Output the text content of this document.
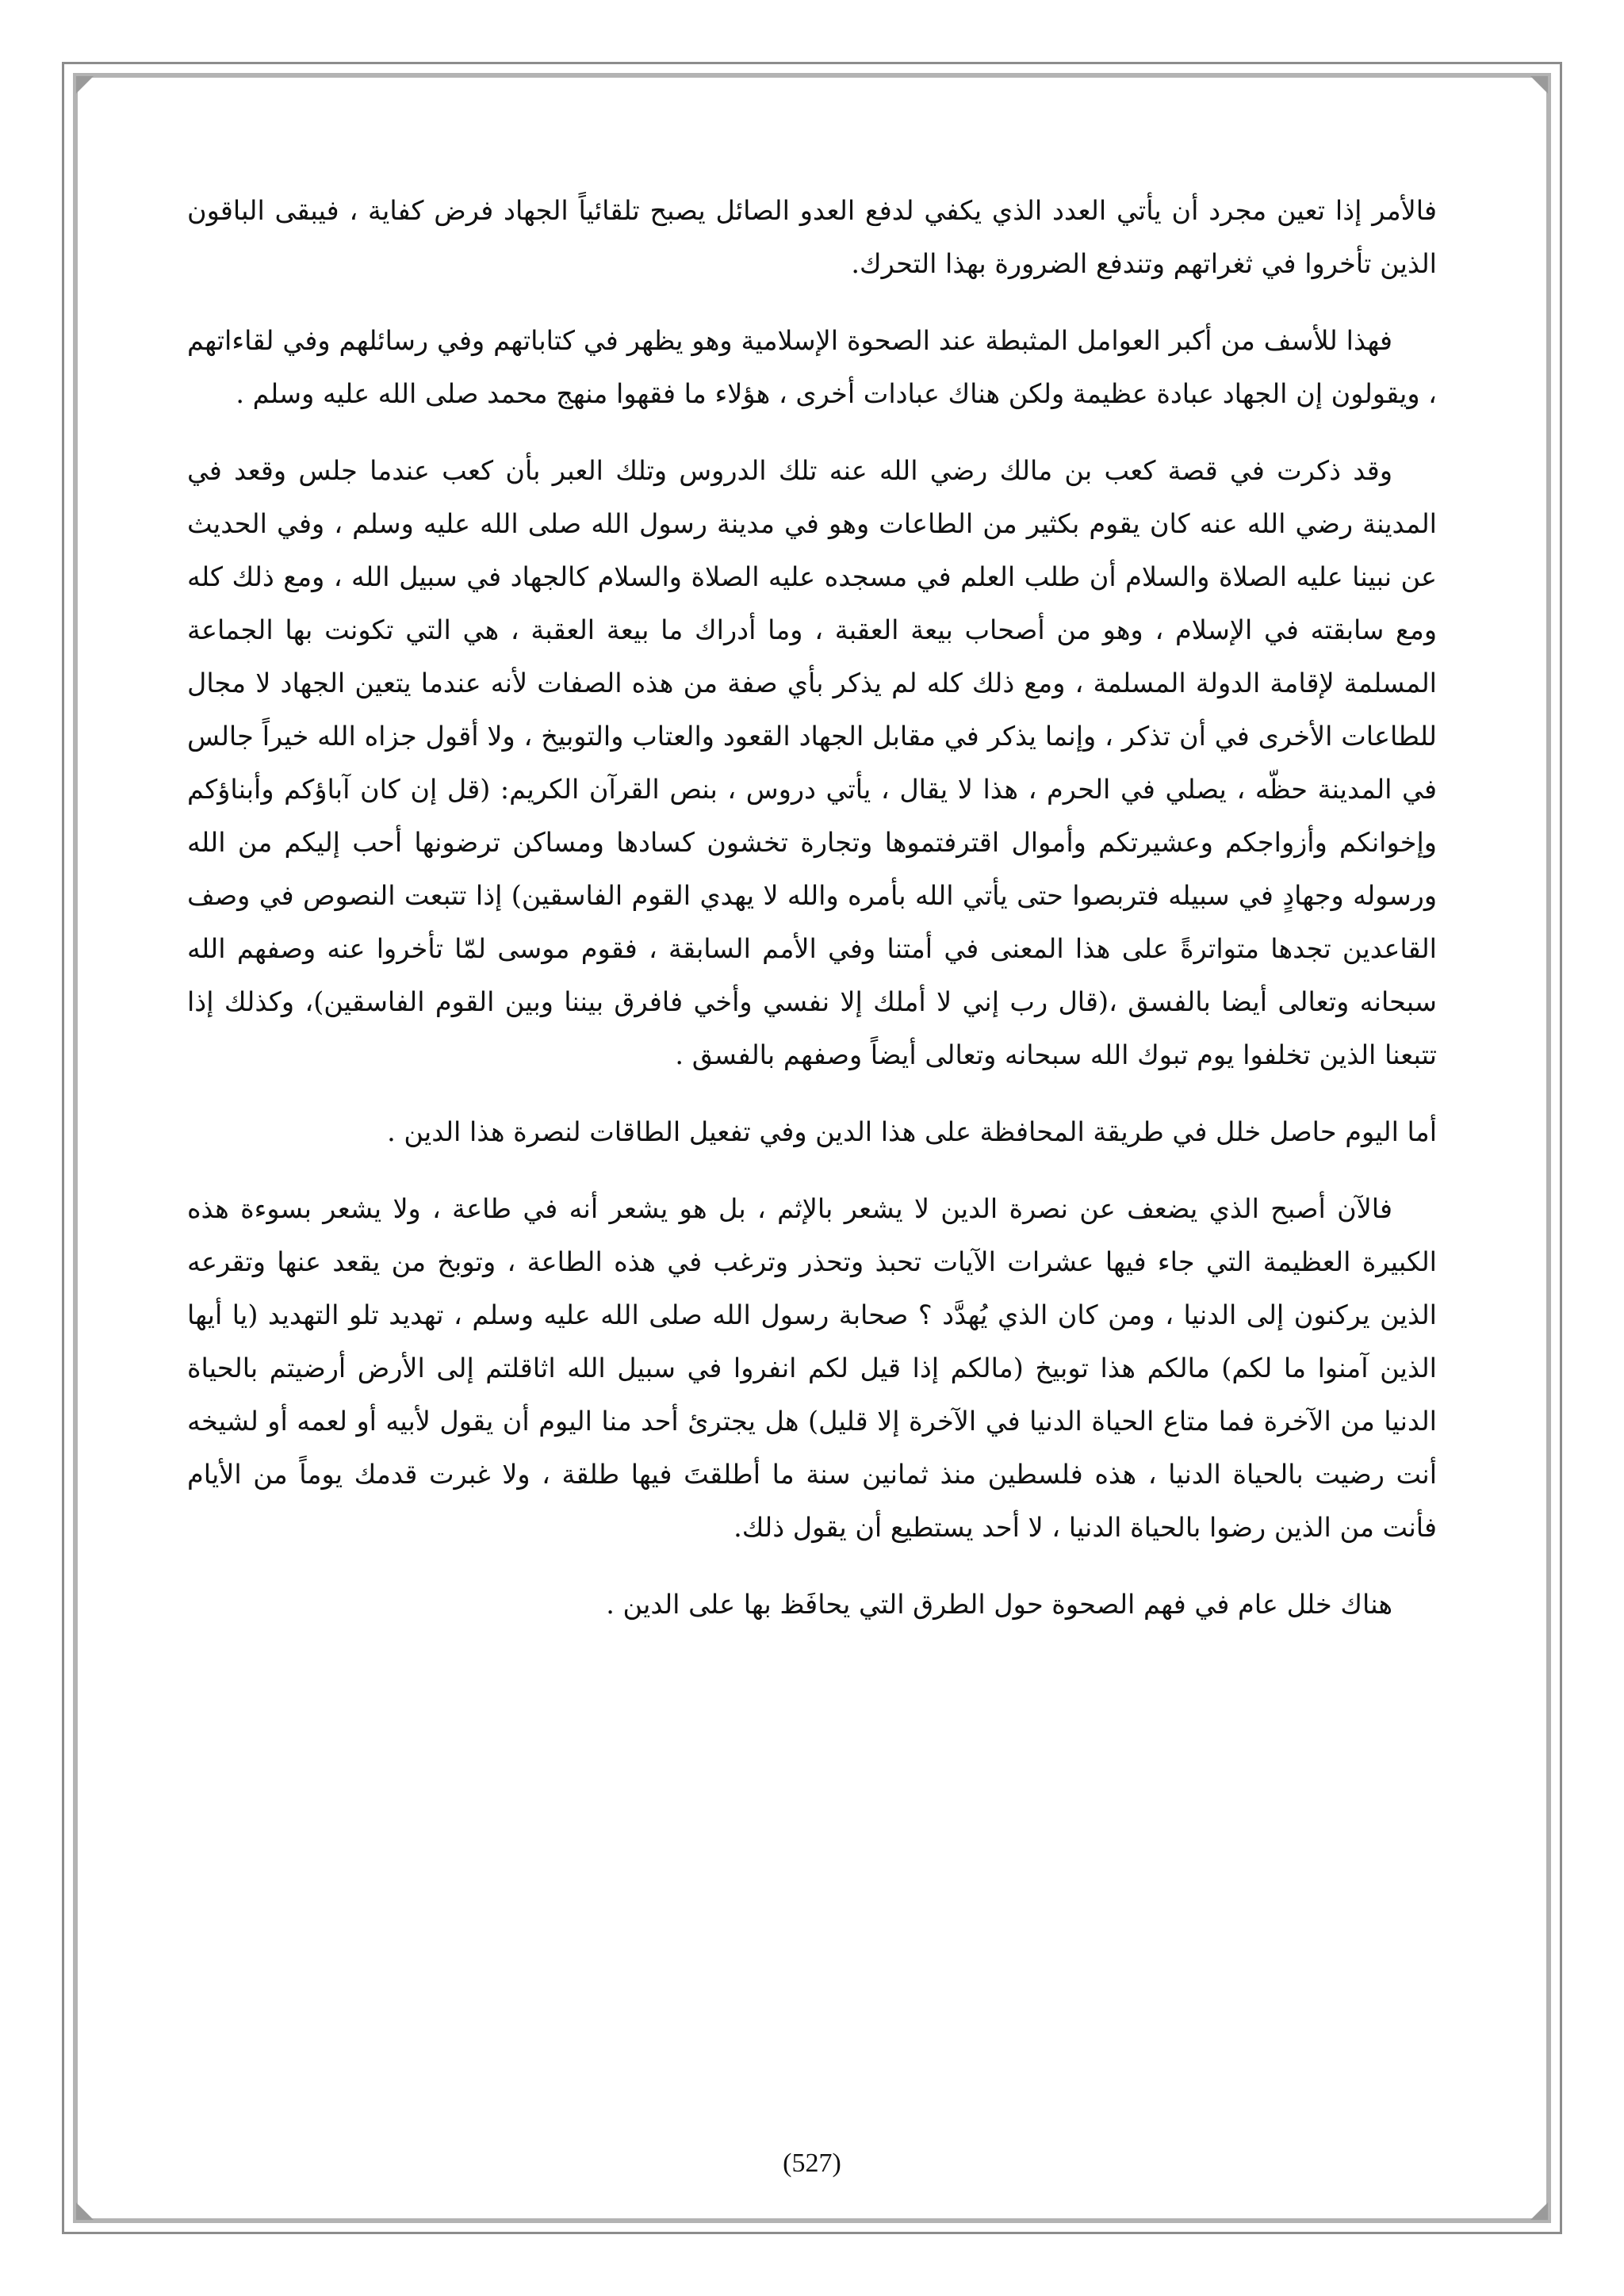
فالأمر إذا تعين مجرد أن يأتي العدد الذي يكفي لدفع العدو الصائل يصبح تلقائياً الجهاد فرض كفاية ، فيبقى الباقون الذين تأخروا في ثغراتهم وتندفع الضرورة بهذا التحرك.

فهذا للأسف من أكبر العوامل المثبطة عند الصحوة الإسلامية وهو يظهر في كتاباتهم وفي رسائلهم وفي لقاءاتهم ، ويقولون إن الجهاد عبادة عظيمة ولكن هناك عبادات أخرى ، هؤلاء ما فقهوا منهج محمد صلى الله عليه وسلم .

وقد ذكرت في قصة كعب بن مالك رضي الله عنه تلك الدروس وتلك العبر بأن كعب عندما جلس وقعد في المدينة رضي الله عنه كان يقوم بكثير من الطاعات وهو في مدينة رسول الله صلى الله عليه وسلم ، وفي الحديث عن نبينا عليه الصلاة والسلام أن طلب العلم في مسجده عليه الصلاة والسلام كالجهاد في سبيل الله ، ومع ذلك كله ومع سابقته في الإسلام ، وهو من أصحاب بيعة العقبة ، وما أدراك ما بيعة العقبة ، هي التي تكونت بها الجماعة المسلمة لإقامة الدولة المسلمة ، ومع ذلك كله لم يذكر بأي صفة من هذه الصفات لأنه عندما يتعين الجهاد لا مجال للطاعات الأخرى في أن تذكر ، وإنما يذكر في مقابل الجهاد القعود والعتاب والتوبيخ ، ولا أقول جزاه الله خيراً جالس في المدينة حظّه ، يصلي في الحرم ، هذا لا يقال ، يأتي دروس ، بنص القرآن الكريم: (قل إن كان آباؤكم وأبناؤكم وإخوانكم وأزواجكم وعشيرتكم وأموال اقترفتموها وتجارة تخشون كسادها ومساكن ترضونها أحب إليكم من الله ورسوله وجهادٍ في سبيله فتربصوا حتى يأتي الله بأمره والله لا يهدي القوم الفاسقين) إذا تتبعت النصوص في وصف القاعدين تجدها متواترةً على هذا المعنى في أمتنا وفي الأمم السابقة ، فقوم موسى لمّا تأخروا عنه وصفهم الله سبحانه وتعالى أيضا بالفسق ،(قال رب إني لا أملك إلا نفسي وأخي فافرق بيننا وبين القوم الفاسقين)، وكذلك إذا تتبعنا الذين تخلفوا يوم تبوك الله سبحانه وتعالى أيضاً وصفهم بالفسق .

أما اليوم حاصل خلل في طريقة المحافظة على هذا الدين وفي تفعيل الطاقات لنصرة هذا الدين .

فالآن أصبح الذي يضعف عن نصرة الدين لا يشعر بالإثم ، بل هو يشعر أنه في طاعة ، ولا يشعر بسوءة هذه الكبيرة العظيمة التي جاء فيها عشرات الآيات تحبذ وتحذر وترغب في هذه الطاعة ، وتوبخ من يقعد عنها وتقرعه الذين يركنون إلى الدنيا ، ومن كان الذي يُهدَّد ؟ صحابة رسول الله صلى الله عليه وسلم ، تهديد تلو التهديد (يا أيها الذين آمنوا ما لكم) مالكم هذا توبيخ (مالكم إذا قيل لكم انفروا في سبيل الله اثاقلتم إلى الأرض أرضيتم بالحياة الدنيا من الآخرة فما متاع الحياة الدنيا في الآخرة إلا قليل) هل يجترئ أحد منا اليوم أن يقول لأبيه أو لعمه أو لشيخه أنت رضيت بالحياة الدنيا ، هذه فلسطين منذ ثمانين سنة ما أطلقتَ فيها طلقة ، ولا غبرت قدمك يوماً من الأيام فأنت من الذين رضوا بالحياة الدنيا ، لا أحد يستطيع أن يقول ذلك.

هناك خلل عام في فهم الصحوة حول الطرق التي يحافَظ بها على الدين .

(527)
